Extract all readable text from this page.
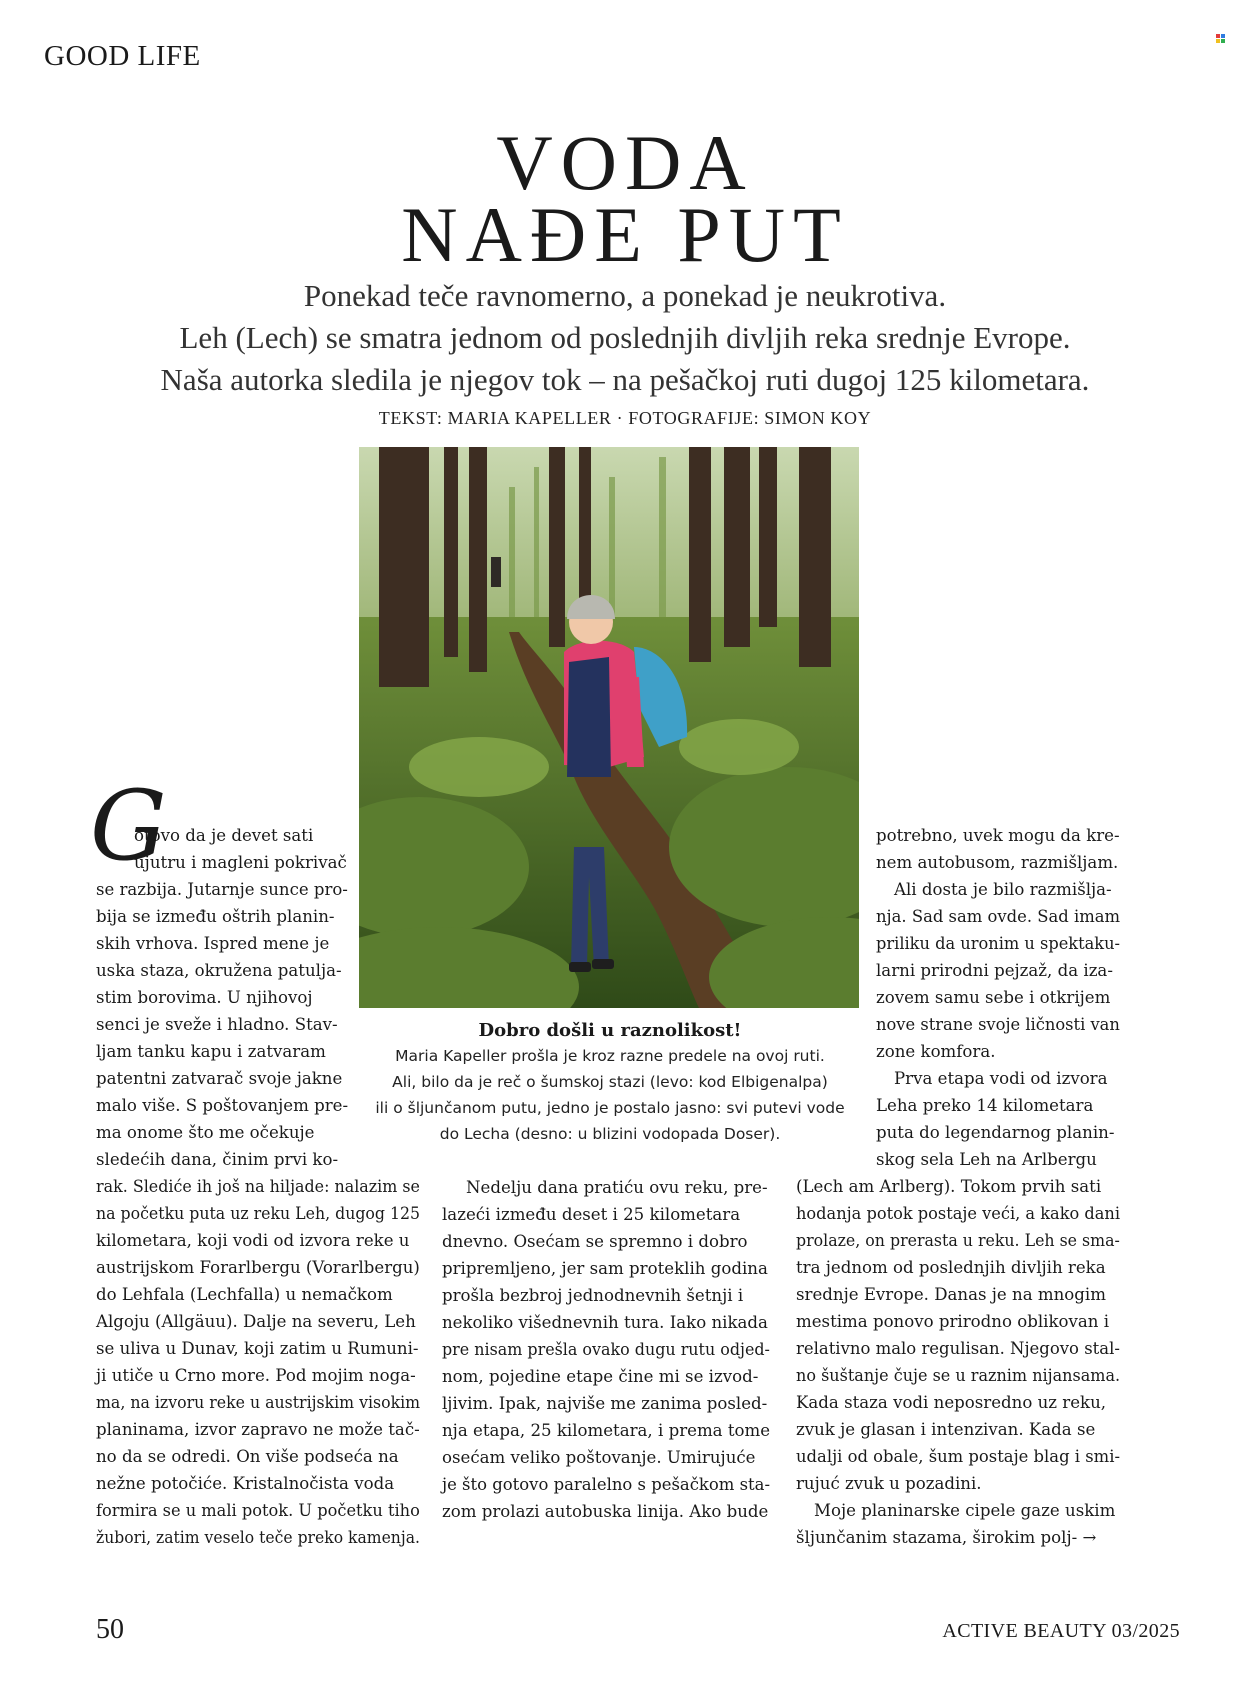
GOOD LIFE

VODA
NAĐE PUT

Ponekad teče ravnomerno, a ponekad je neukrotiva.

Leh (Lech) se smatra jednom od poslednjih divljih reka srednje Evrope.

Naša autorka sledila je njegov tok – na pešačkoj ruti dugoj 125 kilometara.

TEKST: MARIA KAPELLER · FOTOGRAFIJE: SIMON KOY

Dobro došli u raznolikost!

Maria Kapeller prošla je kroz razne predele na ovoj ruti.

Ali, bilo da je reč o šumskoj stazi (levo: kod Elbigenalpa)

ili o šljunčanom putu, jedno je postalo jasno: svi putevi vode

do Lecha (desno: u blizini vodopada Doser).

G

otovo da je devet sati

ujutru i magleni pokrivač

se razbija. Jutarnje sunce pro-

bija se između oštrih planin-

skih vrhova. Ispred mene je

uska staza, okružena patulja-

stim borovima. U njihovoj

senci je sveže i hladno. Stav-

ljam tanku kapu i zatvaram

patentni zatvarač svoje jakne

malo više. S poštovanjem pre-

ma onome što me očekuje

sledećih dana, činim prvi ko-

rak. Slediće ih još na hiljade: nalazim se

na početku puta uz reku Leh, dugog 125

kilometara, koji vodi od izvora reke u

austrijskom Forarlbergu (Vorarlbergu)

do Lehfala (Lechfalla) u nemačkom

Algoju (Allgäuu). Dalje na severu, Leh

se uliva u Dunav, koji zatim u Rumuni-

ji utiče u Crno more. Pod mojim noga-

ma, na izvoru reke u austrijskim visokim

planinama, izvor zapravo ne može tač-

no da se odredi. On više podseća na

nežne potočiće. Kristalnočista voda

formira se u mali potok. U početku tiho

žubori, zatim veselo teče preko kamenja.

Nedelju dana pratiću ovu reku, pre-

lazeći između deset i 25 kilometara

dnevno. Osećam se spremno i dobro

pripremljeno, jer sam proteklih godina

prošla bezbroj jednodnevnih šetnji i

nekoliko višednevnih tura. Iako nikada

pre nisam prešla ovako dugu rutu odjed-

nom, pojedine etape čine mi se izvod-

ljivim. Ipak, najviše me zanima posled-

nja etapa, 25 kilometara, i prema tome

osećam veliko poštovanje. Umirujuće

je što gotovo paralelno s pešačkom sta-

zom prolazi autobuska linija. Ako bude

potrebno, uvek mogu da kre-

nem autobusom, razmišljam.

Ali dosta je bilo razmišlja-

nja. Sad sam ovde. Sad imam

priliku da uronim u spektaku-

larni prirodni pejzaž, da iza-

zovem samu sebe i otkrijem

nove strane svoje ličnosti van

zone komfora.

Prva etapa vodi od izvora

Leha preko 14 kilometara

puta do legendarnog planin-

skog sela Leh na Arlbergu

(Lech am Arlberg). Tokom prvih sati

hodanja potok postaje veći, a kako dani

prolaze, on prerasta u reku. Leh se sma-

tra jednom od poslednjih divljih reka

srednje Evrope. Danas je na mnogim

mestima ponovo prirodno oblikovan i

relativno malo regulisan. Njegovo stal-

no šuštanje čuje se u raznim nijansama.

Kada staza vodi neposredno uz reku,

zvuk je glasan i intenzivan. Kada se

udalji od obale, šum postaje blag i smi-

rujuć zvuk u pozadini.

Moje planinarske cipele gaze uskim

šljunčanim stazama, širokim polj- →

50	ACTIVE BEAUTY 03/2025
